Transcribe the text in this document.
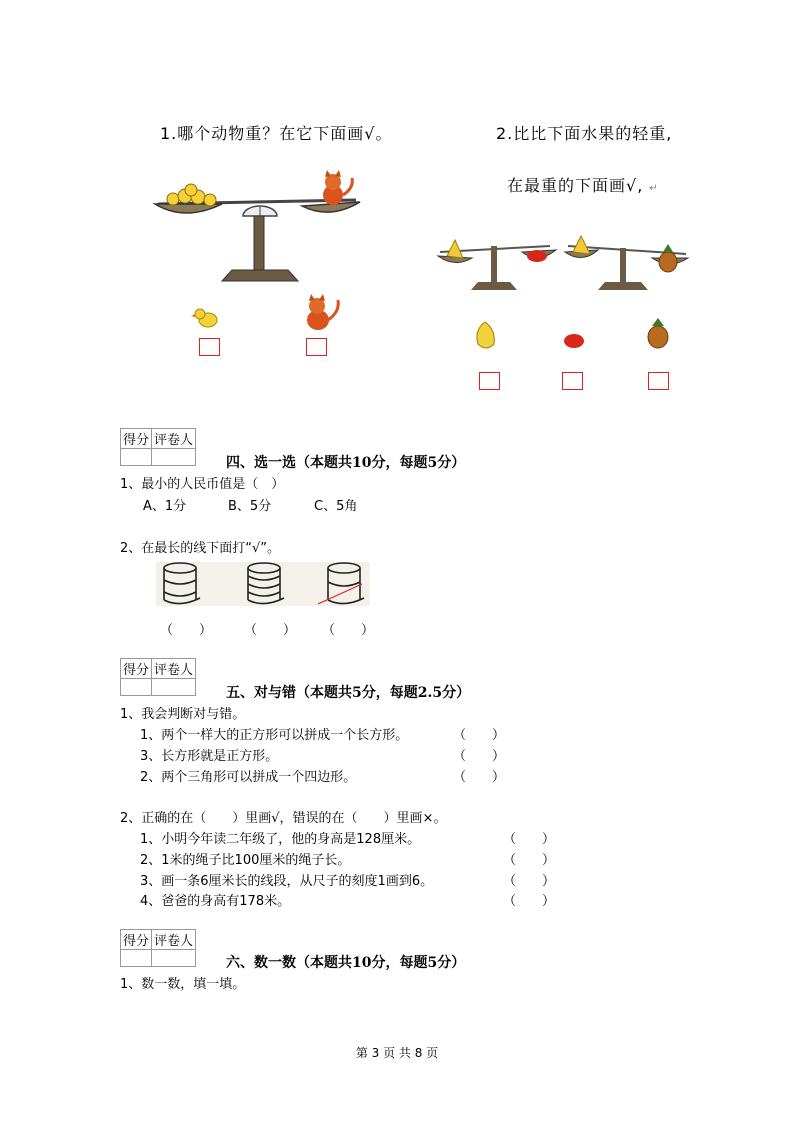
1.哪个动物重？在它下面画√。	2.比比下面水果的轻重,
在最重的下面画√, ↵
得分	评卷人

四、选一选（本题共10分，每题5分）
1、最小的人民币值是（　）
A、1分	B、5分	C、5角
2、在最长的线下面打“√”。
（　　） （　　） （　　）
得分	评卷人

五、对与错（本题共5分，每题2.5分）
1、我会判断对与错。
1、两个一样大的正方形可以拼成一个长方形。	（　　）
3、长方形就是正方形。	（　　）
2、两个三角形可以拼成一个四边形。	（　　）
2、正确的在（　　）里画√，错误的在（　　）里画×。
1、小明今年读二年级了，他的身高是128厘米。	（　　）
2、1米的绳子比100厘米的绳子长。	（　　）
3、画一条6厘米长的线段，从尺子的刻度1画到6。	（　　）
4、爸爸的身高有178米。	（　　）
得分	评卷人

六、数一数（本题共10分，每题5分）
1、数一数，填一填。
第 3 页 共 8 页
